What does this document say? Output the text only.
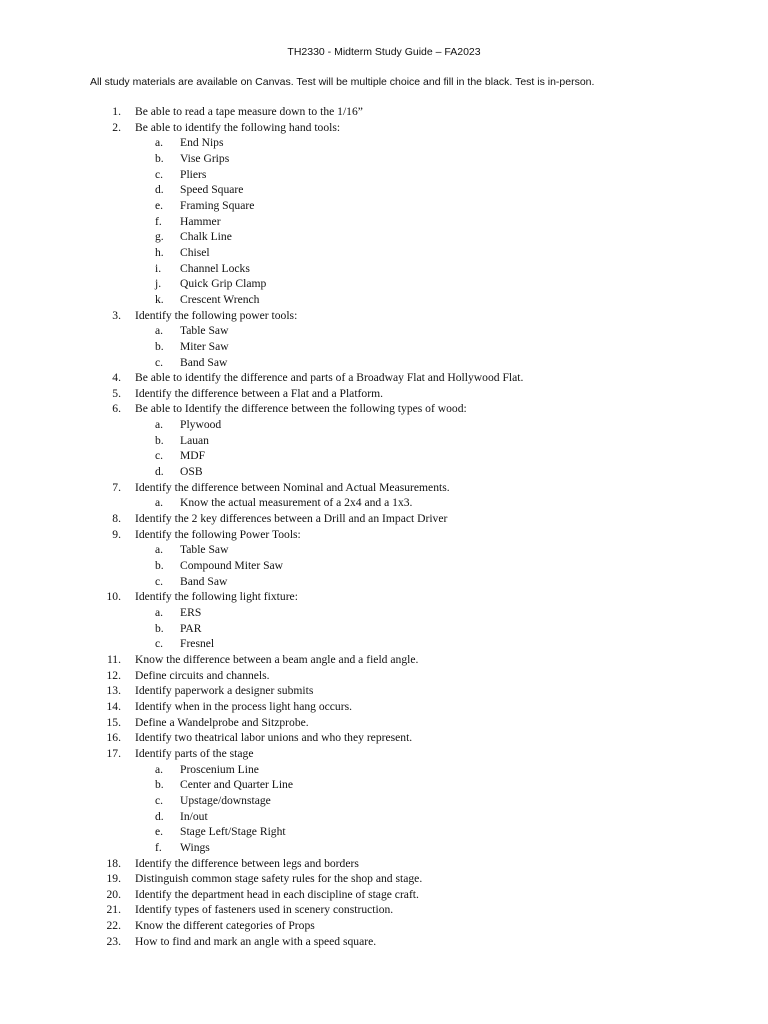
TH2330 - Midterm Study Guide – FA2023
All study materials are available on Canvas. Test will be multiple choice and fill in the black. Test is in-person.
1. Be able to read a tape measure down to the 1/16”
2. Be able to identify the following hand tools:
a.	End Nips
b. Vise Grips
c.	Pliers
d. Speed Square
e.	Framing Square
f.	Hammer
g. Chalk Line
h. Chisel
i.	Channel Locks
j.	Quick Grip Clamp
k. Crescent Wrench
3. Identify the following power tools:
a.	Table Saw
b. Miter Saw
c.	Band Saw
4. Be able to identify the difference and parts of a Broadway Flat and Hollywood Flat.
5. Identify the difference between a Flat and a Platform.
6. Be able to Identify the difference between the following types of wood:
a.	Plywood
b. Lauan
c.	MDF
d. OSB
7. Identify the difference between Nominal and Actual Measurements.
a.	Know the actual measurement of a 2x4 and a 1x3.
8. Identify the 2 key differences between a Drill and an Impact Driver
9. Identify the following Power Tools:
a.	Table Saw
b. Compound Miter Saw
c.	Band Saw
10. Identify the following light fixture:
a.	ERS
b. PAR
c.	Fresnel
11. Know the difference between a beam angle and a field angle.
12. Define circuits and channels.
13. Identify paperwork a designer submits
14. Identify when in the process light hang occurs.
15. Define a Wandelprobe and Sitzprobe.
16. Identify two theatrical labor unions and who they represent.
17. Identify parts of the stage
a.	Proscenium Line
b. Center and Quarter Line
c.	Upstage/downstage
d. In/out
e.	Stage Left/Stage Right
f.	Wings
18. Identify the difference between legs and borders
19. Distinguish common stage safety rules for the shop and stage.
20. Identify the department head in each discipline of stage craft.
21. Identify types of fasteners used in scenery construction.
22. Know the different categories of Props
23. How to find and mark an angle with a speed square.
